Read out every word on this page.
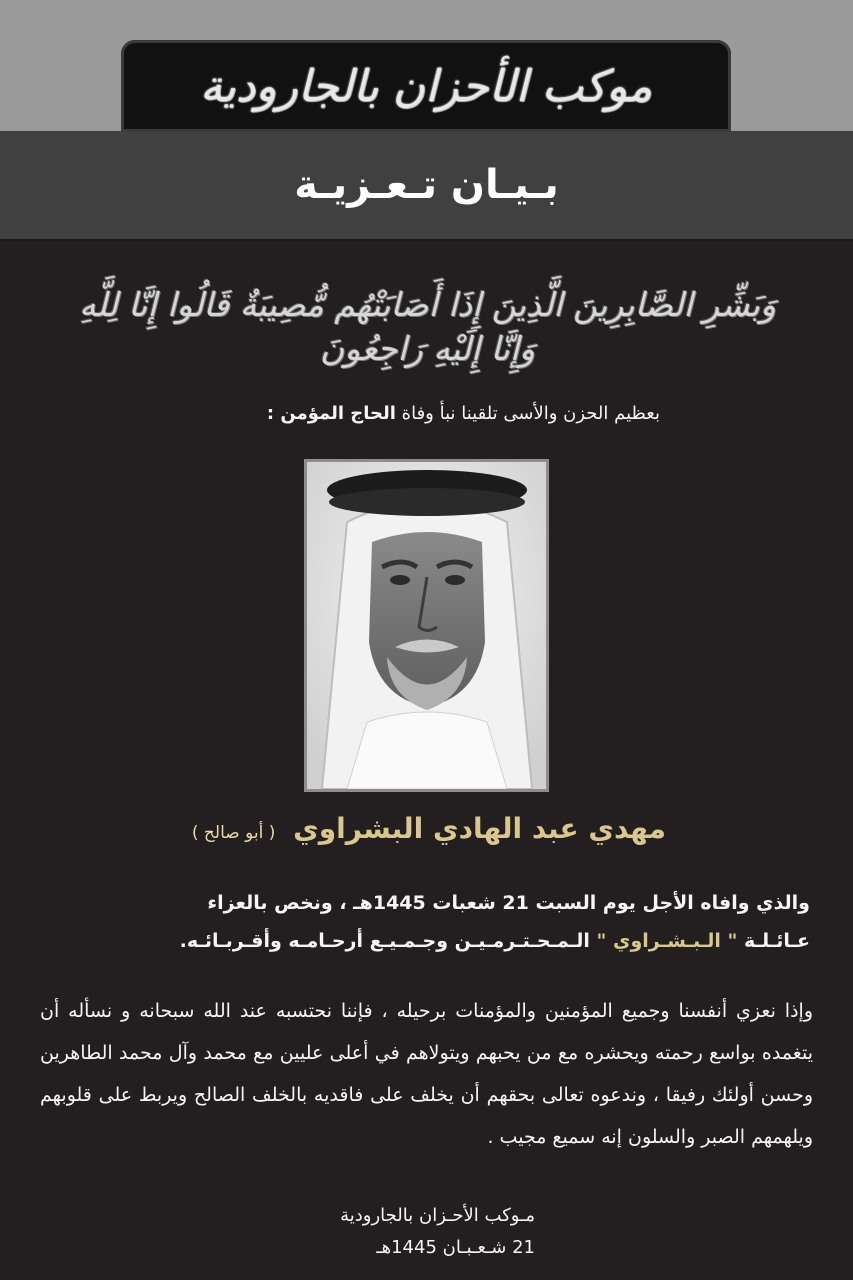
موكب الأحزان بالجارودية
بـيـان تـعـزيـة
وَبَشِّرِ الصَّابِرِينَ الَّذِينَ إِذَا أَصَابَتْهُم مُّصِيبَةٌ قَالُوا إِنَّا لِلَّهِ وَإِنَّا إِلَيْهِ رَاجِعُونَ
بعظيم الحزن والأسى تلقينا نبأ وفاة الحاج المؤمن :
مهدي عبد الهادي البشراوي ( أبو صالح )
والذي وافاه الأجل يوم السبت 21 شعبات 1445هـ ، ونخص بالعزاء
عـائـلـة " الـبـشـراوي " الـمـحـتـرمـيـن وجـمـيـع أرحـامـه وأقـربـائـه.
وإذا نعزي أنفسنا وجميع المؤمنين والمؤمنات برحيله ، فإننا نحتسبه عند الله سبحانه و نسأله أن يتغمده بواسع رحمته ويحشره مع من يحبهم ويتولاهم في أعلى عليين مع محمد وآل محمد الطاهرين وحسن أولئك رفيقا ، وندعوه تعالى بحقهم أن يخلف على فاقديه بالخلف الصالح ويربط على قلوبهم ويلهمهم الصبر والسلون إنه سميع مجيب .
مـوكب الأحـزان بالجارودية
21 شـعـبـان 1445هـ
